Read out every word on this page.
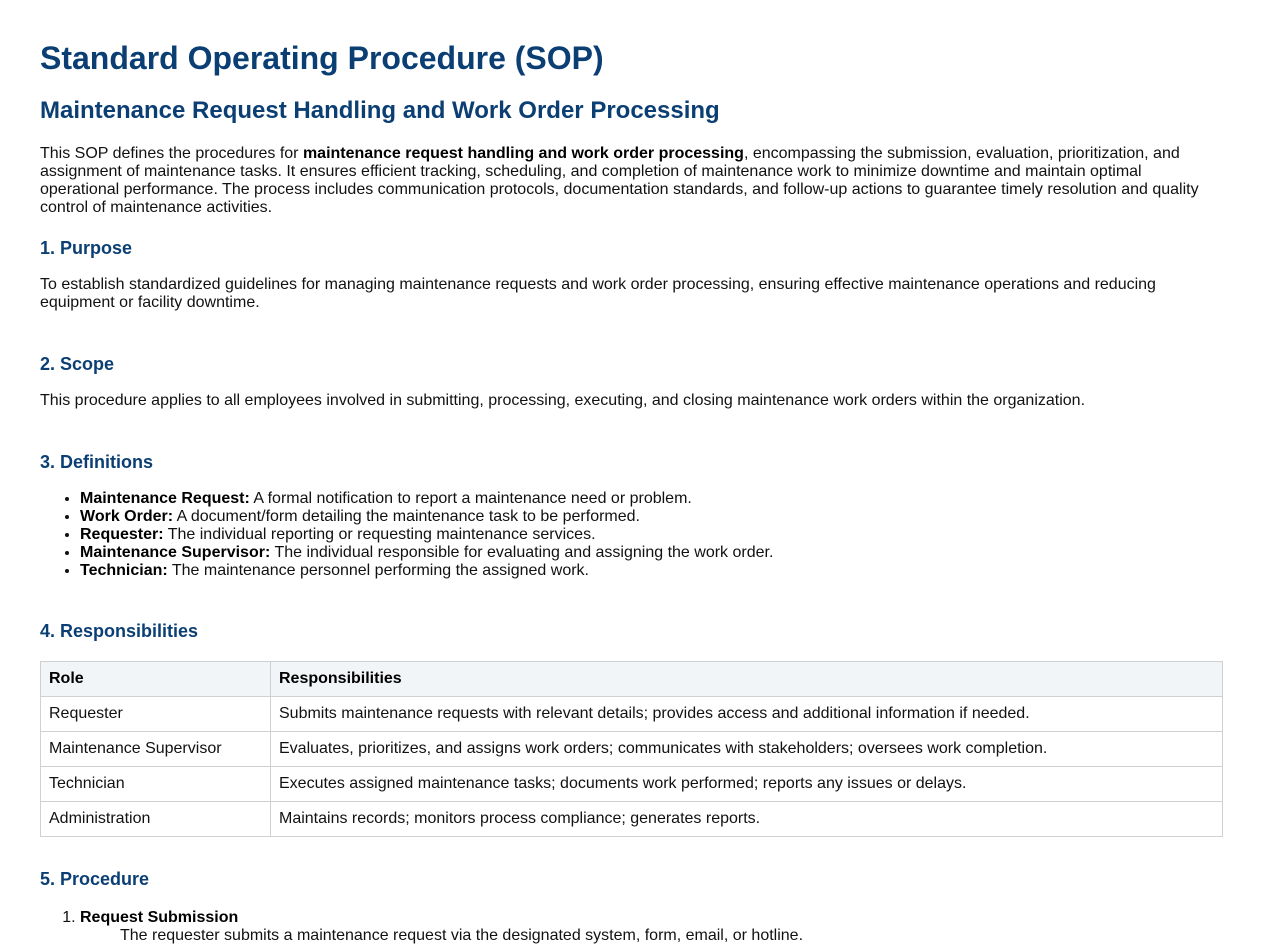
Standard Operating Procedure (SOP)
Maintenance Request Handling and Work Order Processing

This SOP defines the procedures for maintenance request handling and work order processing, encompassing the submission, evaluation, prioritization, and assignment of maintenance tasks. It ensures efficient tracking, scheduling, and completion of maintenance work to minimize downtime and maintain optimal operational performance. The process includes communication protocols, documentation standards, and follow-up actions to guarantee timely resolution and quality control of maintenance activities.

1. Purpose

To establish standardized guidelines for managing maintenance requests and work order processing, ensuring effective maintenance operations and reducing equipment or facility downtime.

2. Scope

This procedure applies to all employees involved in submitting, processing, executing, and closing maintenance work orders within the organization.

3. Definitions
• Maintenance Request: A formal notification to report a maintenance need or problem.
• Work Order: A document/form detailing the maintenance task to be performed.
• Requester: The individual reporting or requesting maintenance services.
• Maintenance Supervisor: The individual responsible for evaluating and assigning the work order.
• Technician: The maintenance personnel performing the assigned work.
4. Responsibilities
Role	Responsibilities
Requester	Submits maintenance requests with relevant details; provides access and additional information if needed.
Maintenance Supervisor	Evaluates, prioritizes, and assigns work orders; communicates with stakeholders; oversees work completion.
Technician	Executes assigned maintenance tasks; documents work performed; reports any issues or delays.
Administration	Maintains records; monitors process compliance; generates reports.
5. Procedure
1. Request Submission
The requester submits a maintenance request via the designated system, form, email, or hotline.
